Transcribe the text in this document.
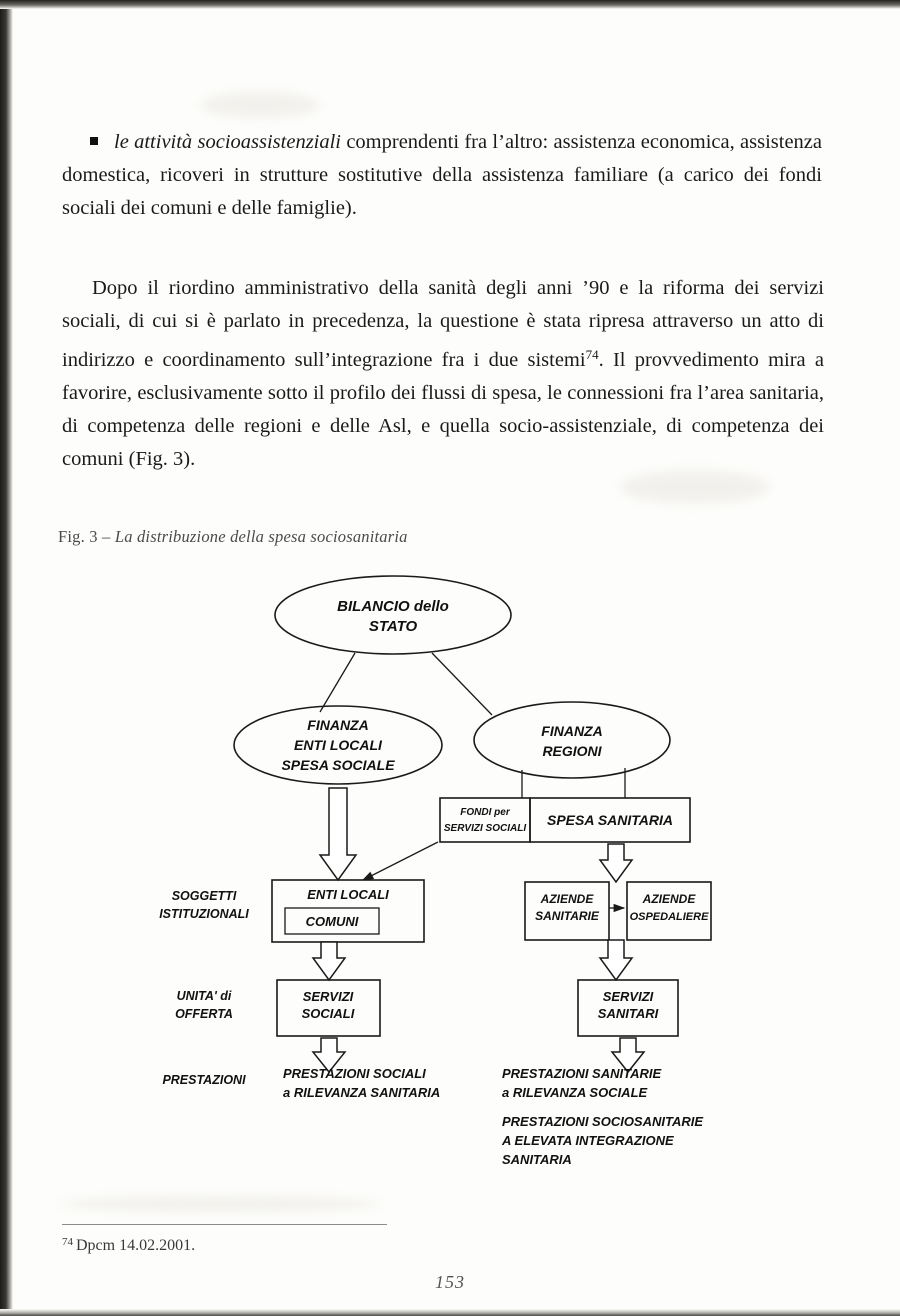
le attività socioassistenziali comprendenti fra l’altro: assistenza economica, assistenza domestica, ricoveri in strutture sostitutive della assistenza familiare (a carico dei fondi sociali dei comuni e delle famiglie).
Dopo il riordino amministrativo della sanità degli anni ’90 e la riforma dei servizi sociali, di cui si è parlato in precedenza, la questione è stata ripresa attraverso un atto di indirizzo e coordinamento sull’integrazione fra i due sistemi$^{74}$. Il provvedimento mira a favorire, esclusivamente sotto il profilo dei flussi di spesa, le connessioni fra l’area sanitaria, di competenza delle regioni e delle Asl, e quella socio-assistenziale, di competenza dei comuni (Fig. 3).
Fig. 3 – La distribuzione della spesa sociosanitaria
BILANCIO dello
STATO
FINANZA
ENTI LOCALI
SPESA SOCIALE
FINANZA
REGIONI
FONDI per
SERVIZI SOCIALI
SPESA SANITARIA
ENTI LOCALI
COMUNI
AZIENDE
SANITARIE
AZIENDE
OSPEDALIERE
SERVIZI
SOCIALI
SERVIZI
SANITARI
SOGGETTI
ISTITUZIONALI
UNITA' di
OFFERTA
PRESTAZIONI	PRESTAZIONI SOCIALI
a RILEVANZA SANITARIA
PRESTAZIONI SANITARIE
a RILEVANZA SOCIALE
PRESTAZIONI SOCIOSANITARIE
A ELEVATA INTEGRAZIONE
SANITARIA
$^{74}$ Dpcm 14.02.2001.
153
